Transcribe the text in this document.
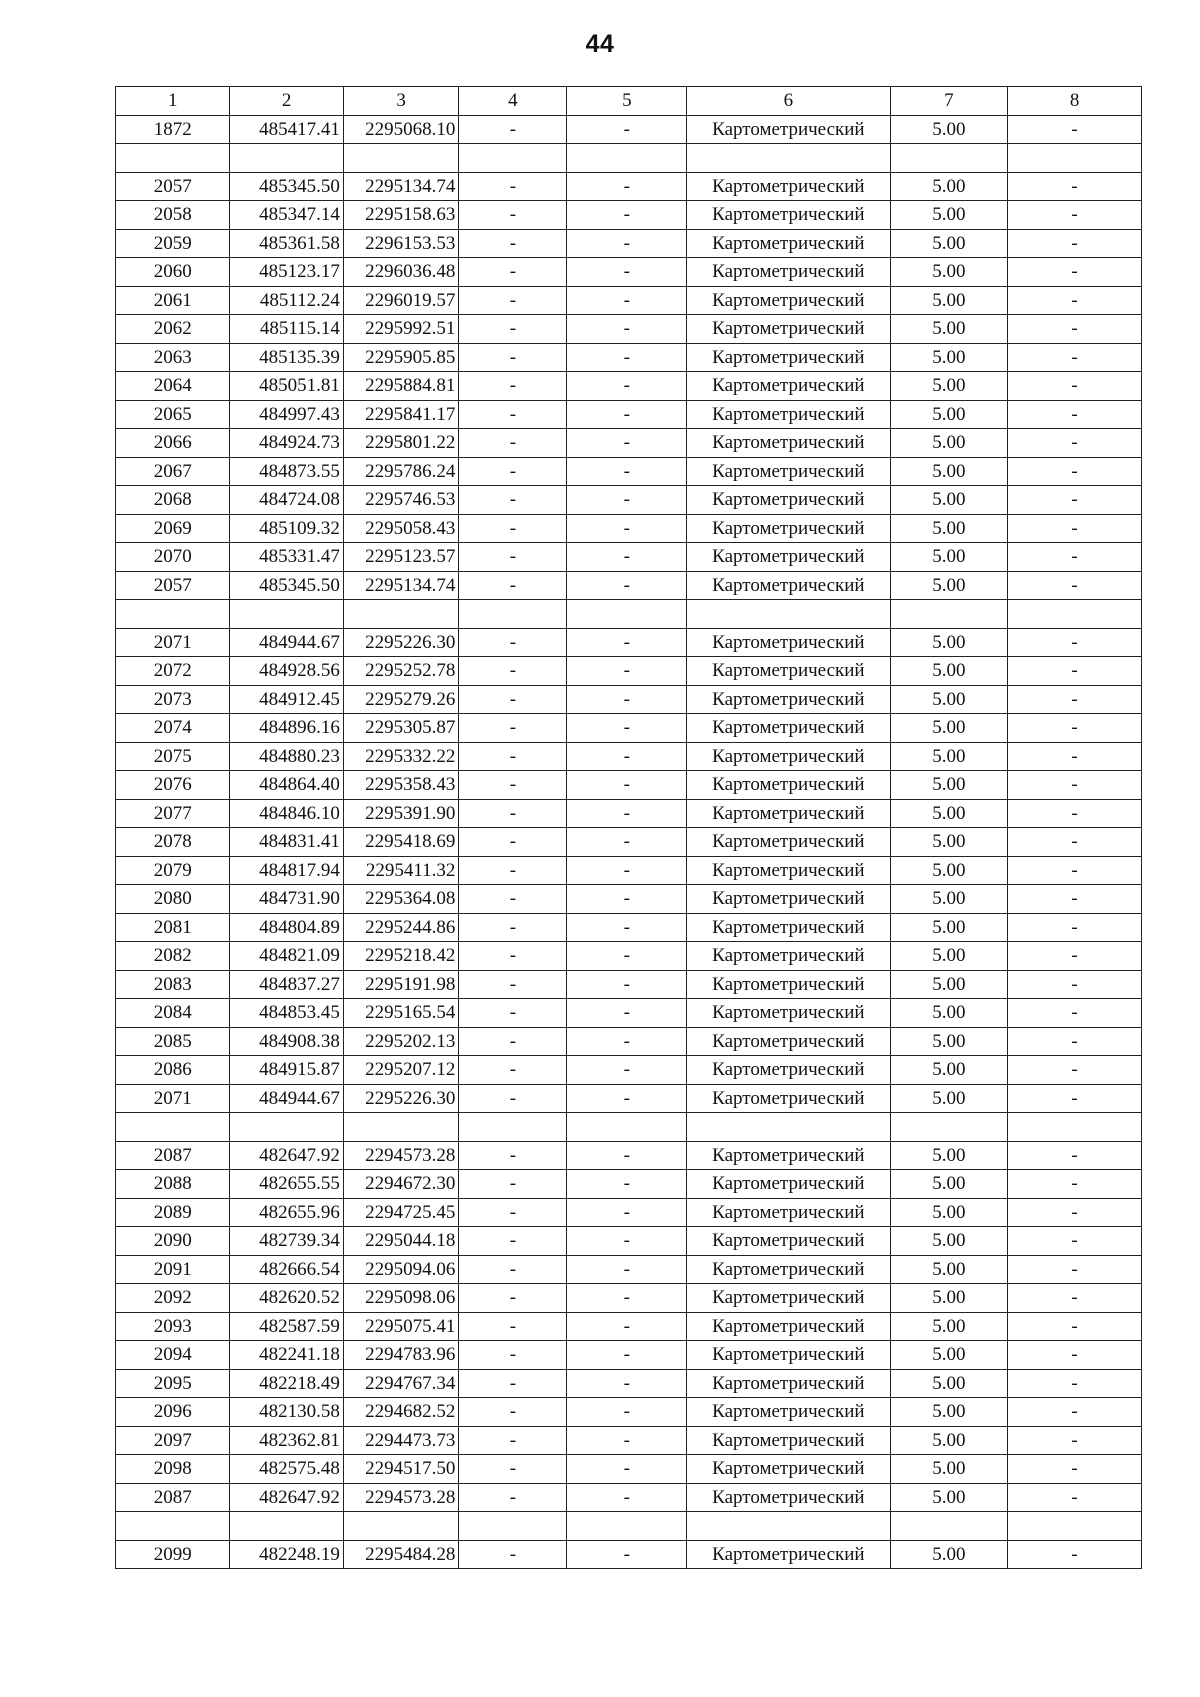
44
1	2	3	4	5	6	7	8
1872	485417.41	2295068.10	-	-	Картометрический	5.00	-

2057	485345.50	2295134.74	-	-	Картометрический	5.00	-
2058	485347.14	2295158.63	-	-	Картометрический	5.00	-
2059	485361.58	2296153.53	-	-	Картометрический	5.00	-
2060	485123.17	2296036.48	-	-	Картометрический	5.00	-
2061	485112.24	2296019.57	-	-	Картометрический	5.00	-
2062	485115.14	2295992.51	-	-	Картометрический	5.00	-
2063	485135.39	2295905.85	-	-	Картометрический	5.00	-
2064	485051.81	2295884.81	-	-	Картометрический	5.00	-
2065	484997.43	2295841.17	-	-	Картометрический	5.00	-
2066	484924.73	2295801.22	-	-	Картометрический	5.00	-
2067	484873.55	2295786.24	-	-	Картометрический	5.00	-
2068	484724.08	2295746.53	-	-	Картометрический	5.00	-
2069	485109.32	2295058.43	-	-	Картометрический	5.00	-
2070	485331.47	2295123.57	-	-	Картометрический	5.00	-
2057	485345.50	2295134.74	-	-	Картометрический	5.00	-

2071	484944.67	2295226.30	-	-	Картометрический	5.00	-
2072	484928.56	2295252.78	-	-	Картометрический	5.00	-
2073	484912.45	2295279.26	-	-	Картометрический	5.00	-
2074	484896.16	2295305.87	-	-	Картометрический	5.00	-
2075	484880.23	2295332.22	-	-	Картометрический	5.00	-
2076	484864.40	2295358.43	-	-	Картометрический	5.00	-
2077	484846.10	2295391.90	-	-	Картометрический	5.00	-
2078	484831.41	2295418.69	-	-	Картометрический	5.00	-
2079	484817.94	2295411.32	-	-	Картометрический	5.00	-
2080	484731.90	2295364.08	-	-	Картометрический	5.00	-
2081	484804.89	2295244.86	-	-	Картометрический	5.00	-
2082	484821.09	2295218.42	-	-	Картометрический	5.00	-
2083	484837.27	2295191.98	-	-	Картометрический	5.00	-
2084	484853.45	2295165.54	-	-	Картометрический	5.00	-
2085	484908.38	2295202.13	-	-	Картометрический	5.00	-
2086	484915.87	2295207.12	-	-	Картометрический	5.00	-
2071	484944.67	2295226.30	-	-	Картометрический	5.00	-

2087	482647.92	2294573.28	-	-	Картометрический	5.00	-
2088	482655.55	2294672.30	-	-	Картометрический	5.00	-
2089	482655.96	2294725.45	-	-	Картометрический	5.00	-
2090	482739.34	2295044.18	-	-	Картометрический	5.00	-
2091	482666.54	2295094.06	-	-	Картометрический	5.00	-
2092	482620.52	2295098.06	-	-	Картометрический	5.00	-
2093	482587.59	2295075.41	-	-	Картометрический	5.00	-
2094	482241.18	2294783.96	-	-	Картометрический	5.00	-
2095	482218.49	2294767.34	-	-	Картометрический	5.00	-
2096	482130.58	2294682.52	-	-	Картометрический	5.00	-
2097	482362.81	2294473.73	-	-	Картометрический	5.00	-
2098	482575.48	2294517.50	-	-	Картометрический	5.00	-
2087	482647.92	2294573.28	-	-	Картометрический	5.00	-

2099	482248.19	2295484.28	-	-	Картометрический	5.00	-
